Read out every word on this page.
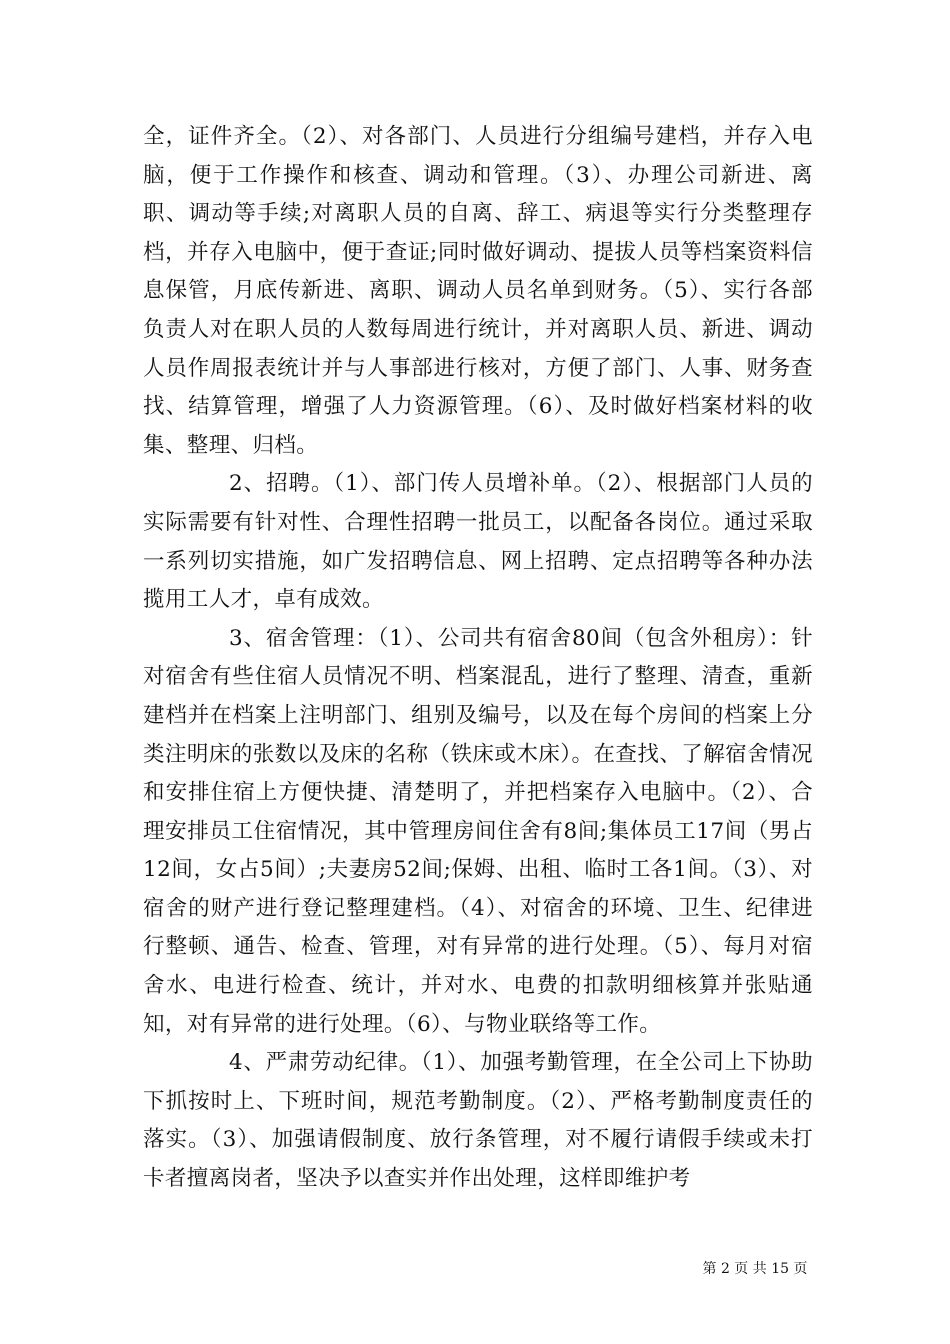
全，证件齐全。（2）、对各部门、人员进行分组编号建档，并存入电脑，便于工作操作和核查、调动和管理。（3）、办理公司新进、离职、调动等手续;对离职人员的自离、辞工、病退等实行分类整理存档，并存入电脑中，便于查证;同时做好调动、提拔人员等档案资料信息保管，月底传新进、离职、调动人员名单到财务。（5）、实行各部负责人对在职人员的人数每周进行统计，并对离职人员、新进、调动人员作周报表统计并与人事部进行核对，方便了部门、人事、财务查找、结算管理，增强了人力资源管理。（6）、及时做好档案材料的收集、整理、归档。

2、招聘。（1）、部门传人员增补单。（2）、根据部门人员的实际需要有针对性、合理性招聘一批员工，以配备各岗位。通过采取一系列切实措施，如广发招聘信息、网上招聘、定点招聘等各种办法揽用工人才，卓有成效。

3、宿舍管理：（1）、公司共有宿舍80间（包含外租房）：针对宿舍有些住宿人员情况不明、档案混乱，进行了整理、清查，重新建档并在档案上注明部门、组别及编号，以及在每个房间的档案上分类注明床的张数以及床的名称（铁床或木床）。在查找、了解宿舍情况和安排住宿上方便快捷、清楚明了，并把档案存入电脑中。（2）、合理安排员工住宿情况，其中管理房间住舍有8间;集体员工17间（男占12间，女占5间）;夫妻房52间;保姆、出租、临时工各1间。（3）、对宿舍的财产进行登记整理建档。（4）、对宿舍的环境、卫生、纪律进行整顿、通告、检查、管理，对有异常的进行处理。（5）、每月对宿舍水、电进行检查、统计，并对水、电费的扣款明细核算并张贴通知，对有异常的进行处理。（6）、与物业联络等工作。

4、严肃劳动纪律。（1）、加强考勤管理，在全公司上下协助下抓按时上、下班时间，规范考勤制度。（2）、严格考勤制度责任的落实。（3）、加强请假制度、放行条管理，对不履行请假手续或未打卡者擅离岗者，坚决予以查实并作出处理，这样即维护考

第 2 页 共 15 页
